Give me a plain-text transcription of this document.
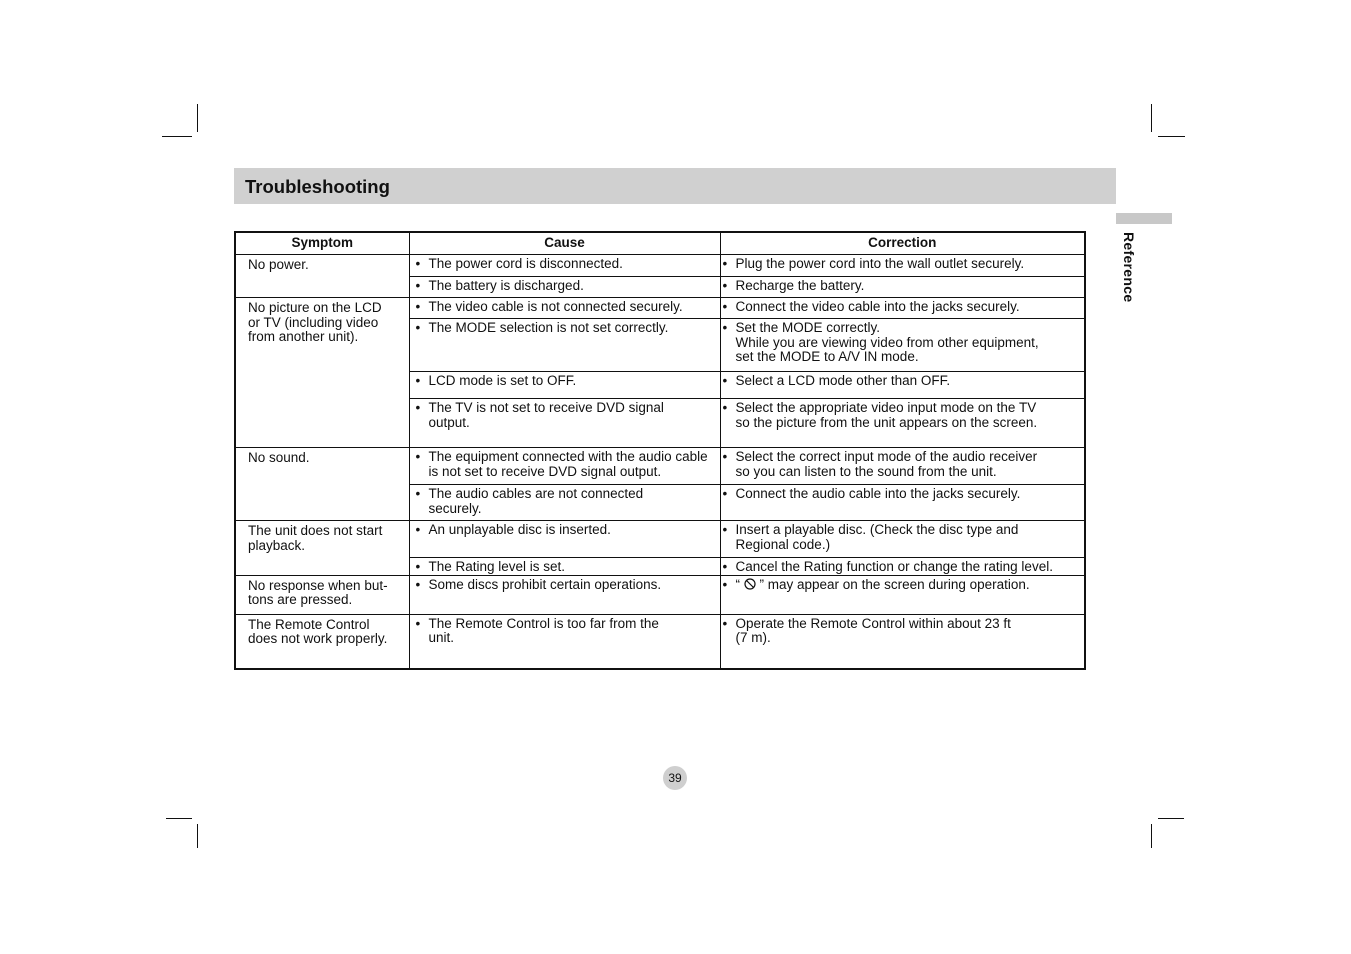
Troubleshooting
Reference
Symptom	Cause	Correction

No power.	• The power cord is disconnected.	• Plug the power cord into the wall outlet securely.

	• The battery is discharged.	• Recharge the battery.

No picture on the LCD
or TV (including video
from another unit).	• The video cable is not connected securely.	• Connect the video cable into the jacks securely.

	• The MODE selection is not set correctly.	• Set the MODE correctly.
While you are viewing video from other equipment,
set the MODE to A/V IN mode.

	• LCD mode is set to OFF.	• Select a LCD mode other than OFF.

	• The TV is not set to receive DVD signal
output.	• Select the appropriate video input mode on the TV
so the picture from the unit appears on the screen.

No sound.	• The equipment connected with the audio cable
is not set to receive DVD signal output.	• Select the correct input mode of the audio receiver
so you can listen to the sound from the unit.

	• The audio cables are not connected
securely.	• Connect the audio cable into the jacks securely.

The unit does not start
playback.	• An unplayable disc is inserted.	• Insert a playable disc. (Check the disc type and
Regional code.)

	• The Rating level is set.	• Cancel the Rating function or change the rating level.

No response when but-
tons are pressed.	• Some discs prohibit certain operations.	• “  ” may appear on the screen during operation.

The Remote Control
does not work properly.	• The Remote Control is too far from the
unit.	• Operate the Remote Control within about 23 ft
(7 m).
39
